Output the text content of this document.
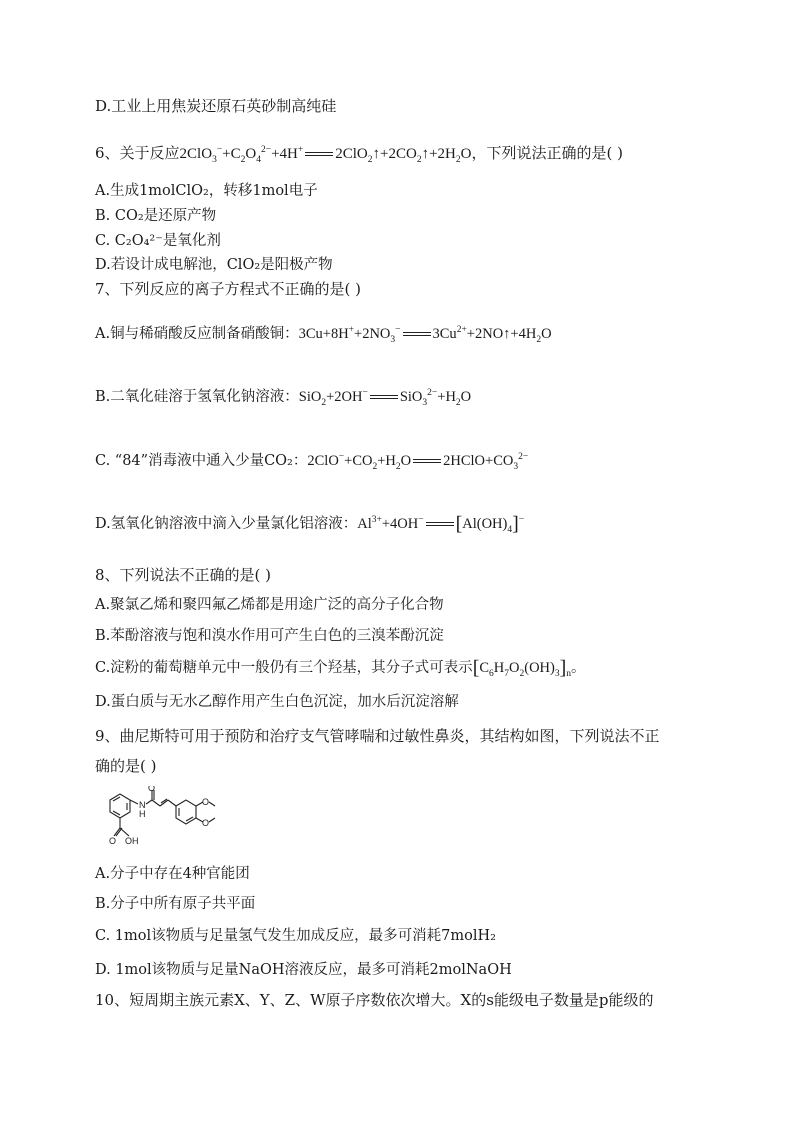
D.工业上用焦炭还原石英砂制高纯硅
6、关于反应$2ClO_3^-+C_2O_4^{2-}+4H^+$ $2ClO_2↑+2CO_2↑+2H_2O$，下列说法正确的是( )
A.生成1molClO₂，转移1mol电子
B. CO₂是还原产物
C. C₂O₄²⁻是氧化剂
D.若设计成电解池，ClO₂是阳极产物
7、下列反应的离子方程式不正确的是( )
A.铜与稀硝酸反应制备硝酸铜：$3Cu+8H^++2NO_3^-$ $3Cu^{2+}+2NO↑+4H_2O$
B.二氧化硅溶于氢氧化钠溶液：SiO$_2$+2OH− $SiO_3^{2-}+H_2O$
C. “84”消毒液中通入少量CO₂：$2ClO^-+CO_2+H_2O$ $2HClO+CO_3^{2-}$
D.氢氧化钠溶液中滴入少量氯化铝溶液：$Al^{3+}+4OH^-$ $[Al(OH)_4]^-$
8、下列说法不正确的是( )
A.聚氯乙烯和聚四氟乙烯都是用途广泛的高分子化合物
B.苯酚溶液与饱和溴水作用可产生白色的三溴苯酚沉淀
C.淀粉的葡萄糖单元中一般仍有三个羟基，其分子式可表示$[C_6H_7O_2(OH)_3]_n$。
D.蛋白质与无水乙醇作用产生白色沉淀，加水后沉淀溶解
9、曲尼斯特可用于预防和治疗支气管哮喘和过敏性鼻炎，其结构如图，下列说法不正
确的是( )
O
N
H
O OH
O
O
A.分子中存在4种官能团
B.分子中所有原子共平面
C. 1mol该物质与足量氢气发生加成反应，最多可消耗7molH₂
D. 1mol该物质与足量NaOH溶液反应，最多可消耗2molNaOH
10、短周期主族元素X、Y、Z、W原子序数依次增大。X的s能级电子数量是p能级的
